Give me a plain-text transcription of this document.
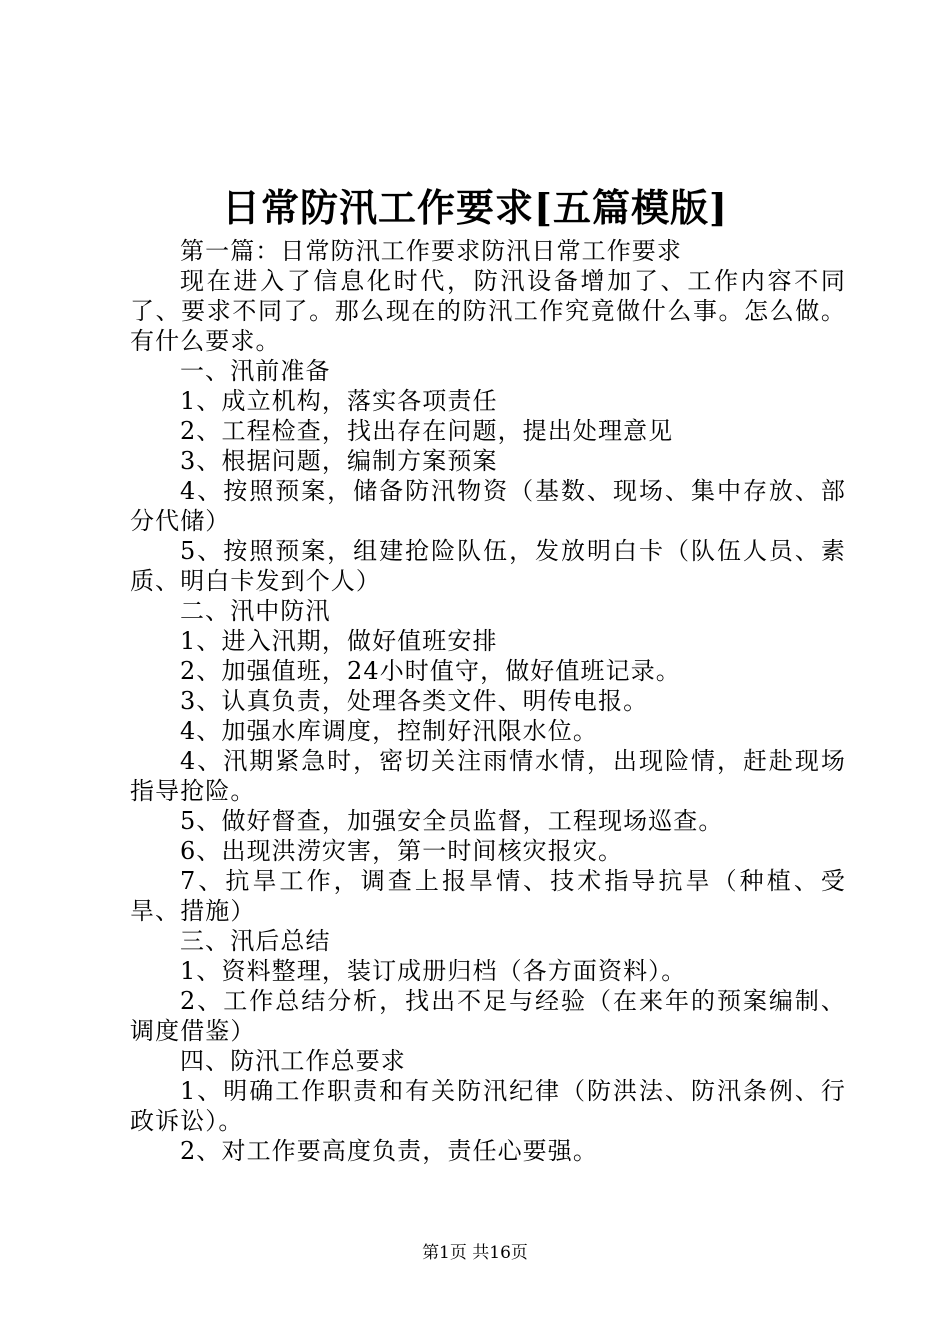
日常防汛工作要求[五篇模版]

第一篇：日常防汛工作要求防汛日常工作要求

现在进入了信息化时代，防汛设备增加了、工作内容不同了、要求不同了。那么现在的防汛工作究竟做什么事。怎么做。有什么要求。

一、汛前准备

1、成立机构，落实各项责任

2、工程检查，找出存在问题，提出处理意见

3、根据问题，编制方案预案

4、按照预案，储备防汛物资（基数、现场、集中存放、部分代储）

5、按照预案，组建抢险队伍，发放明白卡（队伍人员、素质、明白卡发到个人）

二、汛中防汛

1、进入汛期，做好值班安排

2、加强值班，24小时值守，做好值班记录。

3、认真负责，处理各类文件、明传电报。

4、加强水库调度，控制好汛限水位。

4、汛期紧急时，密切关注雨情水情，出现险情，赶赴现场指导抢险。

5、做好督查，加强安全员监督，工程现场巡查。

6、出现洪涝灾害，第一时间核灾报灾。

7、抗旱工作，调查上报旱情、技术指导抗旱（种植、受旱、措施）

三、汛后总结

1、资料整理，装订成册归档（各方面资料）。

2、工作总结分析，找出不足与经验（在来年的预案编制、调度借鉴）

四、防汛工作总要求

1、明确工作职责和有关防汛纪律（防洪法、防汛条例、行政诉讼）。

2、对工作要高度负责，责任心要强。

第1页 共16页
